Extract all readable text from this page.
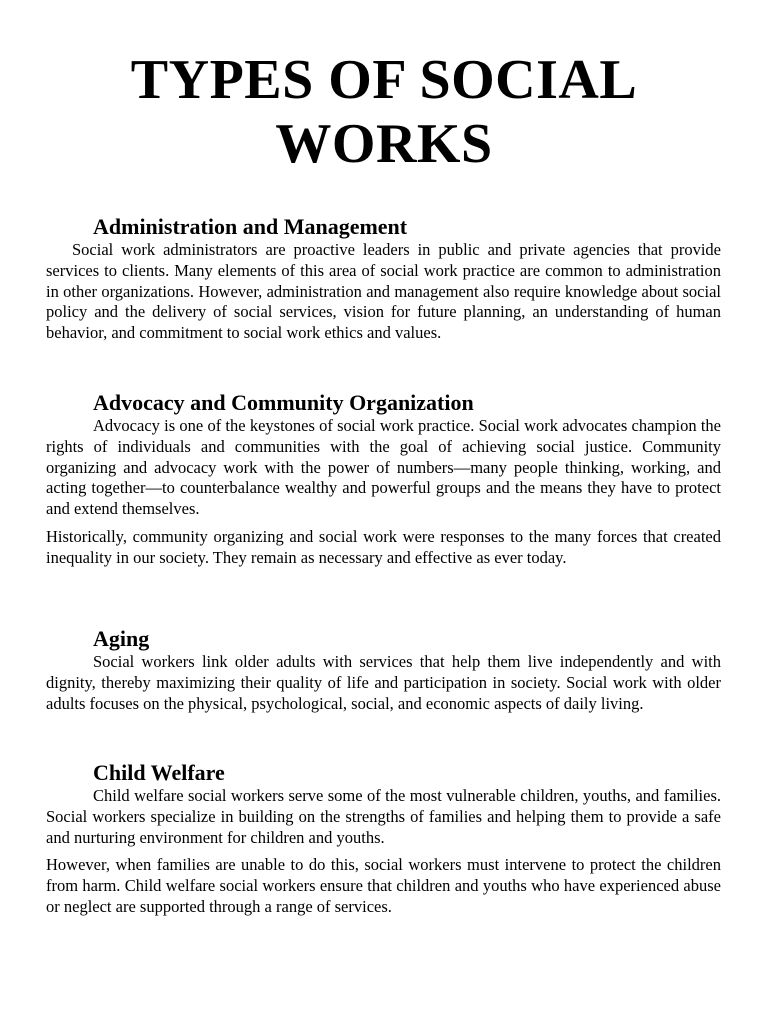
TYPES OF SOCIAL WORKS
Administration and Management

Social work administrators are proactive leaders in public and private agencies that provide services to clients. Many elements of this area of social work practice are common to administration in other organizations. However, administration and management also require knowledge about social policy and the delivery of social services, vision for future planning, an understanding of human behavior, and commitment to social work ethics and values.

Advocacy and Community Organization

Advocacy is one of the keystones of social work practice. Social work advocates champion the rights of individuals and communities with the goal of achieving social justice. Community organizing and advocacy work with the power of numbers—many people thinking, working, and acting together—to counterbalance wealthy and powerful groups and the means they have to protect and extend themselves.

Historically, community organizing and social work were responses to the many forces that created inequality in our society. They remain as necessary and effective as ever today.

Aging

Social workers link older adults with services that help them live independently and with dignity, thereby maximizing their quality of life and participation in society. Social work with older adults focuses on the physical, psychological, social, and economic aspects of daily living.

Child Welfare

Child welfare social workers serve some of the most vulnerable children, youths, and families. Social workers specialize in building on the strengths of families and helping them to provide a safe and nurturing environment for children and youths.

However, when families are unable to do this, social workers must intervene to protect the children from harm. Child welfare social workers ensure that children and youths who have experienced abuse or neglect are supported through a range of services.
